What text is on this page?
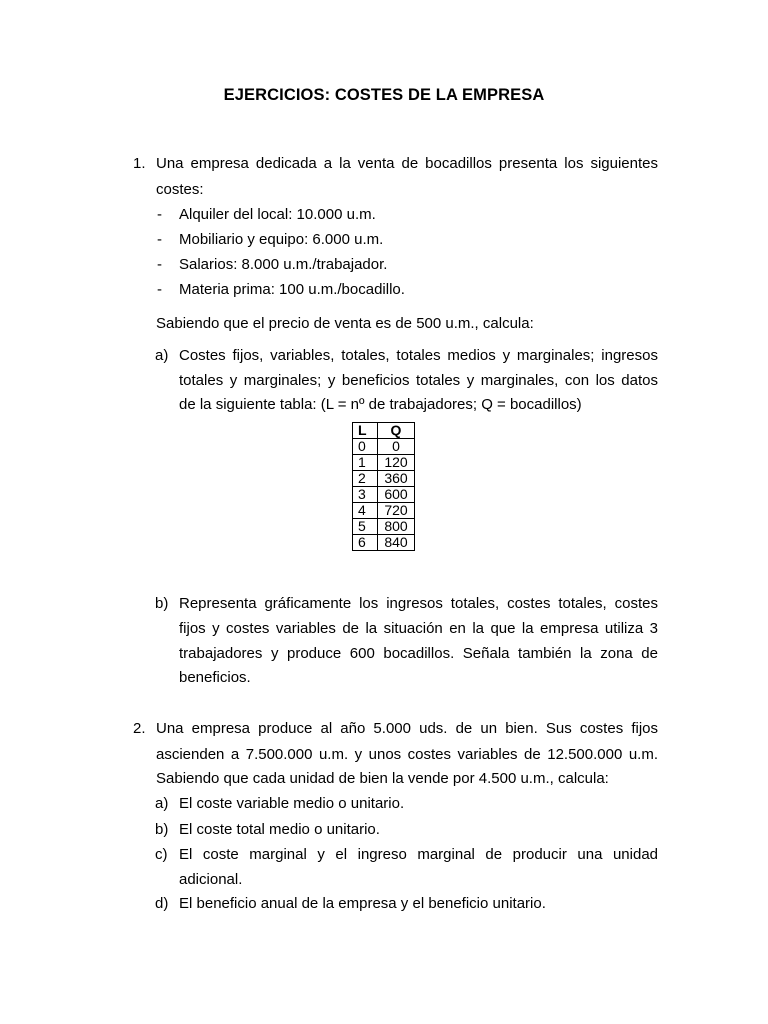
EJERCICIOS: COSTES DE LA EMPRESA
1. Una empresa dedicada a la venta de bocadillos presenta los siguientes
costes:
- Alquiler del local: 10.000 u.m.
- Mobiliario y equipo: 6.000 u.m.
- Salarios: 8.000 u.m./trabajador.
- Materia prima: 100 u.m./bocadillo.
Sabiendo que el precio de venta es de 500 u.m., calcula:
a) Costes fijos, variables, totales, totales medios y marginales; ingresos
totales y marginales; y beneficios totales y marginales, con los datos
de la siguiente tabla: (L = nº de trabajadores; Q = bocadillos)
L	Q
0	0
1	120
2	360
3	600
4	720
5	800
6	840
b) Representa gráficamente los ingresos totales, costes totales, costes
fijos y costes variables de la situación en la que la empresa utiliza 3
trabajadores y produce 600 bocadillos. Señala también la zona de
beneficios.
2. Una empresa produce al año 5.000 uds. de un bien. Sus costes fijos
ascienden a 7.500.000 u.m. y unos costes variables de 12.500.000 u.m.
Sabiendo que cada unidad de bien la vende por 4.500 u.m., calcula:
a) El coste variable medio o unitario.
b) El coste total medio o unitario.
c) El coste marginal y el ingreso marginal de producir una unidad
adicional.
d) El beneficio anual de la empresa y el beneficio unitario.
